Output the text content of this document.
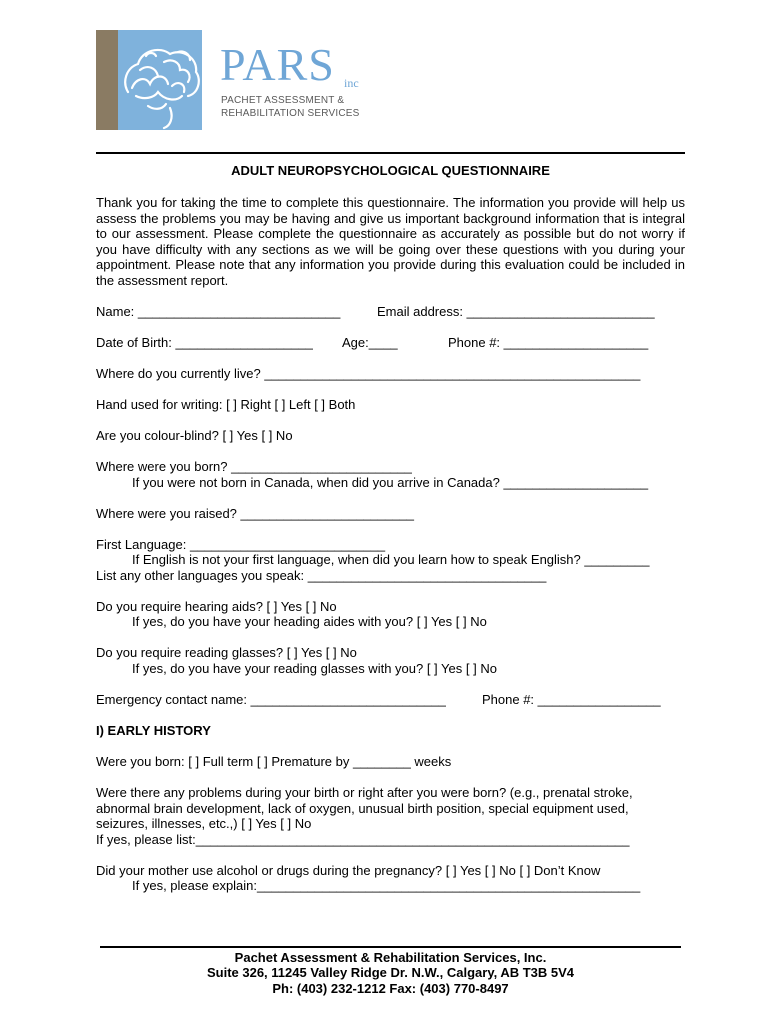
PARS inc
PACHET ASSESSMENT &
REHABILITATION SERVICES
ADULT NEUROPSYCHOLOGICAL QUESTIONNAIRE

Thank you for taking the time to complete this questionnaire. The information you provide will help us assess the problems you may be having and give us important background information that is integral to our assessment. Please complete the questionnaire as accurately as possible but do not worry if you have difficulty with any sections as we will be going over these questions with you during your appointment. Please note that any information you provide during this evaluation could be included in the assessment report.

Name: ____________________________	Email address: __________________________
Date of Birth: ___________________ Age:____	Phone #: ____________________
Where do you currently live? ____________________________________________________
Hand used for writing: [ ] Right [ ] Left [ ] Both
Are you colour-blind? [ ] Yes [ ] No
Where were you born? _________________________
If you were not born in Canada, when did you arrive in Canada? ____________________
Where were you raised? ________________________
First Language: ___________________________
If English is not your first language, when did you learn how to speak English? _________
List any other languages you speak: _________________________________
Do you require hearing aids? [ ] Yes [ ] No
If yes, do you have your heading aides with you? [ ] Yes [ ] No
Do you require reading glasses? [ ] Yes [ ] No
If yes, do you have your reading glasses with you? [ ] Yes [ ] No
Emergency contact name: ___________________________	Phone #: _________________
I) EARLY HISTORY
Were you born: [ ] Full term [ ] Premature by ________ weeks
Were there any problems during your birth or right after you were born? (e.g., prenatal stroke,
abnormal brain development, lack of oxygen, unusual birth position, special equipment used,
seizures, illnesses, etc.,) [ ] Yes [ ] No
If yes, please list:____________________________________________________________
Did your mother use alcohol or drugs during the pregnancy? [ ] Yes [ ] No [ ] Don’t Know
If yes, please explain:_____________________________________________________
Pachet Assessment & Rehabilitation Services, Inc.
Suite 326, 11245 Valley Ridge Dr. N.W., Calgary, AB T3B 5V4
Ph: (403) 232-1212 Fax: (403) 770-8497
